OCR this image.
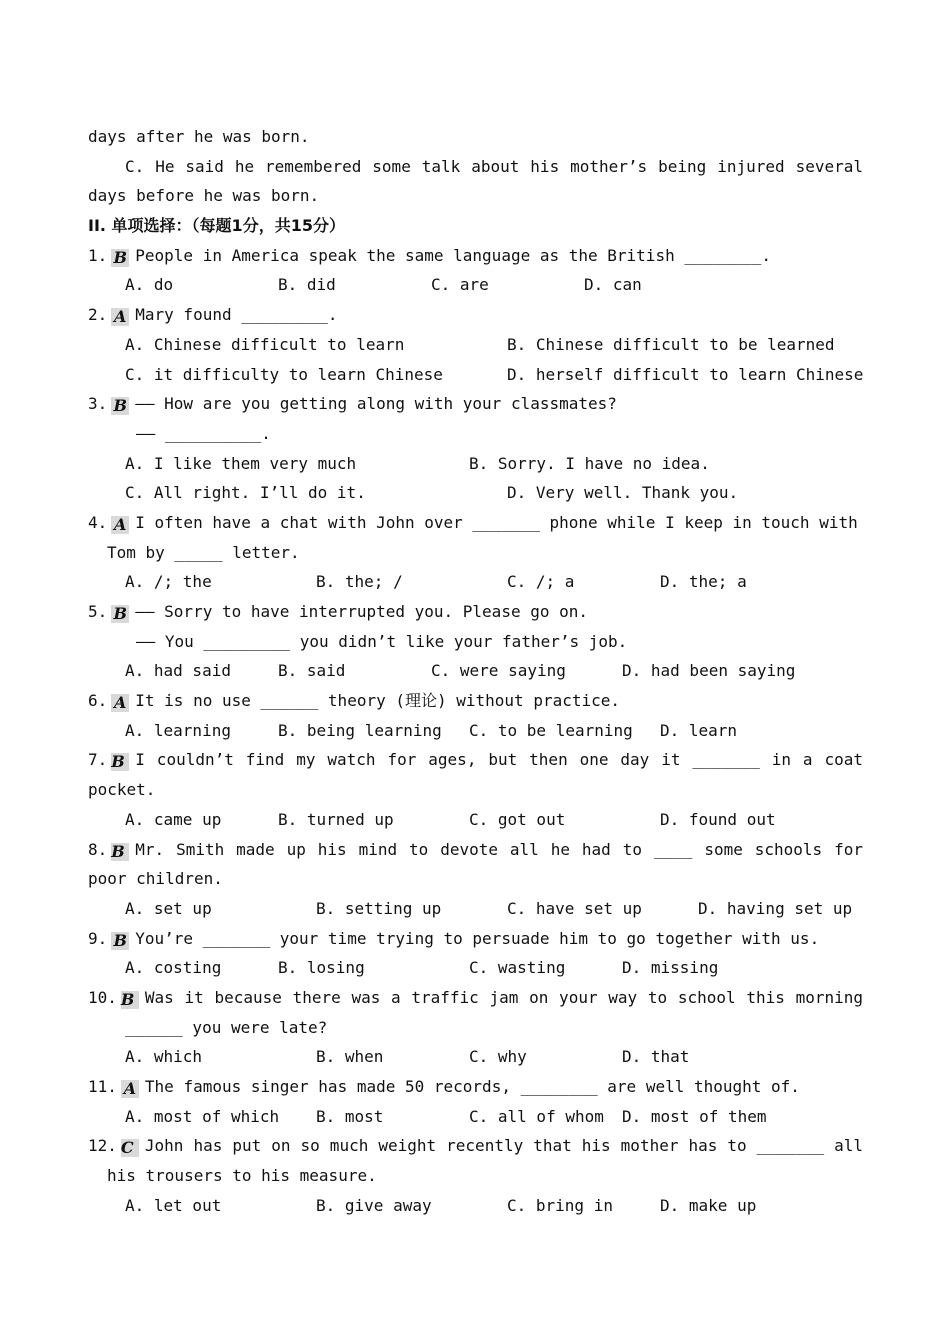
days after he was born.
C. He said he remembered some talk about his mother’s being injured several
days before he was born.
II. 单项选择：（每题1分，共15分）
1. B People in America speak the same language as the British ________.
A. do	B. did	C. are	D. can
2. A Mary found _________.
A. Chinese difficult to learn	B. Chinese difficult to be learned
C. it difficulty to learn Chinese	D. herself difficult to learn Chinese
3. B —— How are you getting along with your classmates?
—— __________.
A. I like them very much	B. Sorry. I have no idea.
C. All right. I’ll do it.	D. Very well. Thank you.
4. A I often have a chat with John over _______ phone while I keep in touch with
Tom by _____ letter.
A. /; the	B. the; /	C. /; a	D. the; a
5. B —— Sorry to have interrupted you. Please go on.
—— You _________ you didn’t like your father’s job.
A. had said	B. said	C. were saying	D. had been saying
6. A It is no use ______ theory (理论) without practice.
A. learning	B. being learning C. to be learning D. learn
7. B I couldn’t find my watch for ages, but then one day it _______ in a coat
pocket.
A. came up	B. turned up	C. got out	D. found out
8. B Mr. Smith made up his mind to devote all he had to ____ some schools for
poor children.
A. set up	B. setting up	C. have set up	D. having set up
9. B You’re _______ your time trying to persuade him to go together with us.
A. costing	B. losing	C. wasting	D. missing
10. B Was it because there was a traffic jam on your way to school this morning
______ you were late?
A. which	B. when	C. why	D. that
11. A The famous singer has made 50 records, ________ are well thought of.
A. most of which B. most	C. all of whom D. most of them
12. C John has put on so much weight recently that his mother has to _______ all
his trousers to his measure.
A. let out	B. give away	C. bring in	D. make up
